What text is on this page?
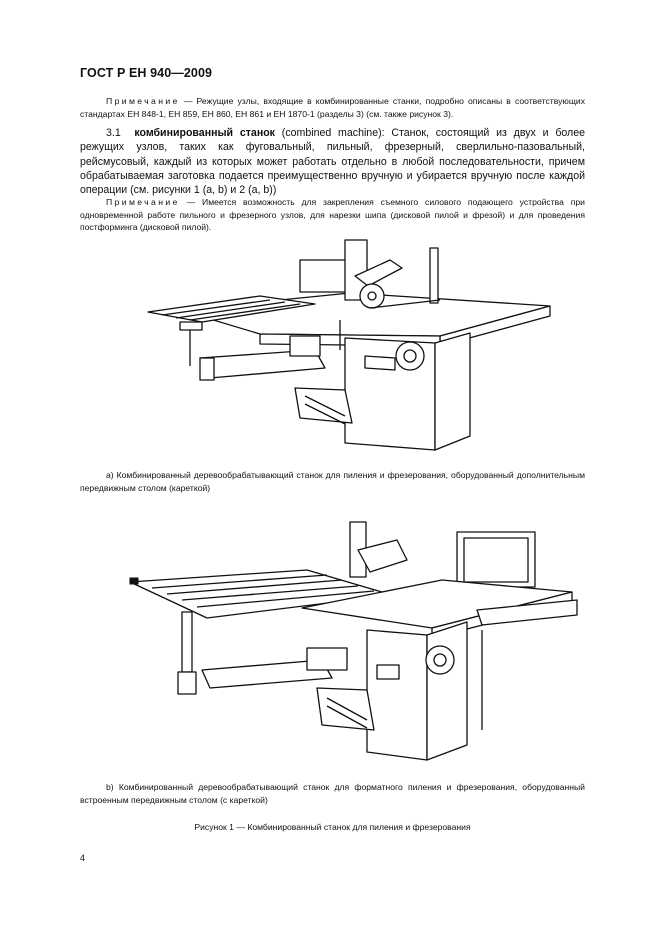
ГОСТ Р ЕН 940—2009
Примечание — Режущие узлы, входящие в комбинированные станки, подробно описаны в соответствующих стандартах ЕН 848-1, ЕН 859, ЕН 860, ЕН 861 и ЕН 1870-1 (разделы 3) (см. также рисунок 3).
3.1 комбинированный станок (combined machine): Станок, состоящий из двух и более режущих узлов, таких как фуговальный, пильный, фрезерный, сверлильно-пазовальный, рейсмусовый, каждый из которых может работать отдельно в любой последовательности, причем обрабатываемая заготовка подается преимущественно вручную и убирается вручную после каждой операции (см. рисунки 1 (a, b) и 2 (a, b))
Примечание — Имеется возможность для закрепления съемного силового подающего устройства при одновременной работе пильного и фрезерного узлов, для нарезки шипа (дисковой пилой и фрезой) и для проведения постформинга (дисковой пилой).
а) Комбинированный деревообрабатывающий станок для пиления и фрезерования, оборудованный дополнительным передвижным столом (кареткой)
b) Комбинированный деревообрабатывающий станок для форматного пиления и фрезерования, оборудованный встроенным передвижным столом (с кареткой)
Рисунок 1 — Комбинированный станок для пиления и фрезерования
4
